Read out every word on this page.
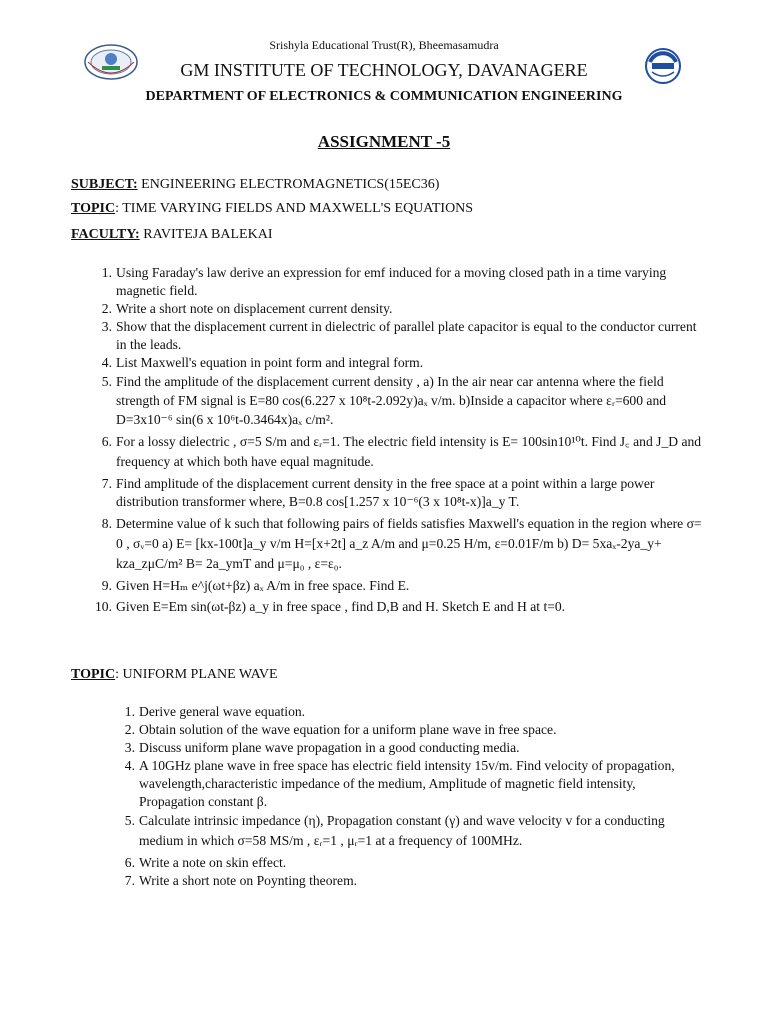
Srishyla Educational Trust(R), Bheemasamudra
GM INSTITUTE OF TECHNOLOGY, DAVANAGERE
DEPARTMENT OF ELECTRONICS & COMMUNICATION ENGINEERING
ASSIGNMENT -5
SUBJECT: ENGINEERING ELECTROMAGNETICS(15EC36)
TOPIC: TIME VARYING FIELDS AND MAXWELL'S EQUATIONS
FACULTY: RAVITEJA BALEKAI
1. Using Faraday's law derive an expression for emf induced for a moving closed path in a time varying magnetic field.
2. Write a short note on displacement current density.
3. Show that the displacement current in dielectric of parallel plate capacitor is equal to the conductor current in the leads.
4. List Maxwell's equation in point form and integral form.
5. Find the amplitude of the displacement current density , a) In the air near car antenna where the field strength of FM signal is E=80 cos(6.227 x 10⁸t-2.092y)aₓ v/m. b)Inside a capacitor where εᵣ=600 and D=3x10⁻⁶ sin(6 x 10⁶t-0.3464x)aₓ c/m².
6. For a lossy dielectric , σ=5 S/m and εᵣ=1. The electric field intensity is E= 100sin10¹⁰t. Find J꜀ and J_D and frequency at which both have equal magnitude.
7. Find amplitude of the displacement current density in the free space at a point within a large power distribution transformer where, B=0.8 cos[1.257 x 10⁻⁶(3 x 10⁸t-x)]a_y T.
8. Determine value of k such that following pairs of fields satisfies Maxwell's equation in the region where σ= 0 , σᵥ=0 a) E= [kx-100t]a_y v/m H=[x+2t] a_z A/m and μ=0.25 H/m, ε=0.01F/m b) D= 5xaₓ-2ya_y+ kza_zμC/m² B= 2a_ymT and μ=μ₀ , ε=ε₀.
9. Given H=Hₘ e^j(ωt+βz) aₓ A/m in free space. Find E.
10. Given E=Em sin(ωt-βz) a_y in free space , find D,B and H. Sketch E and H at t=0.
TOPIC: UNIFORM PLANE WAVE
1. Derive general wave equation.
2. Obtain solution of the wave equation for a uniform plane wave in free space.
3. Discuss uniform plane wave propagation in a good conducting media.
4. A 10GHz plane wave in free space has electric field intensity 15v/m. Find velocity of propagation, wavelength,characteristic impedance of the medium, Amplitude of magnetic field intensity, Propagation constant β.
5. Calculate intrinsic impedance (η), Propagation constant (γ) and wave velocity v for a conducting medium in which σ=58 MS/m , εᵣ=1 , μᵣ=1 at a frequency of 100MHz.
6. Write a note on skin effect.
7. Write a short note on Poynting theorem.
